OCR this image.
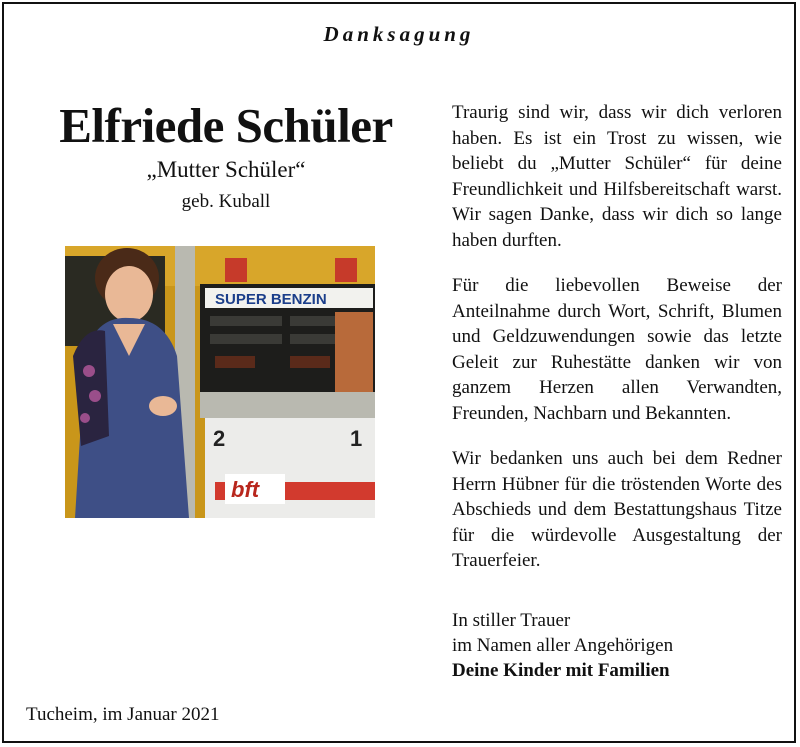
Danksagung
Elfriede Schüler
„Mutter Schüler“
geb. Kuball
SUPER BENZIN
2	1
bft

Traurig sind wir, dass wir dich verloren haben. Es ist ein Trost zu wissen, wie beliebt du „Mutter Schüler“ für deine Freundlichkeit und Hilfsbereitschaft warst. Wir sagen Danke, dass wir dich so lange haben durften.

Für die liebevollen Beweise der Anteilnahme durch Wort, Schrift, Blumen und Geldzuwendungen sowie das letzte Geleit zur Ruhestätte danken wir von ganzem Herzen allen Verwandten, Freunden, Nachbarn und Bekannten.

Wir bedanken uns auch bei dem Redner Herrn Hübner für die tröstenden Worte des Abschieds und dem Bestattungshaus Titze für die würdevolle Ausgestaltung der Trauerfeier.

In stiller Trauer
im Namen aller Angehörigen
Deine Kinder mit Familien
Tucheim, im Januar 2021
